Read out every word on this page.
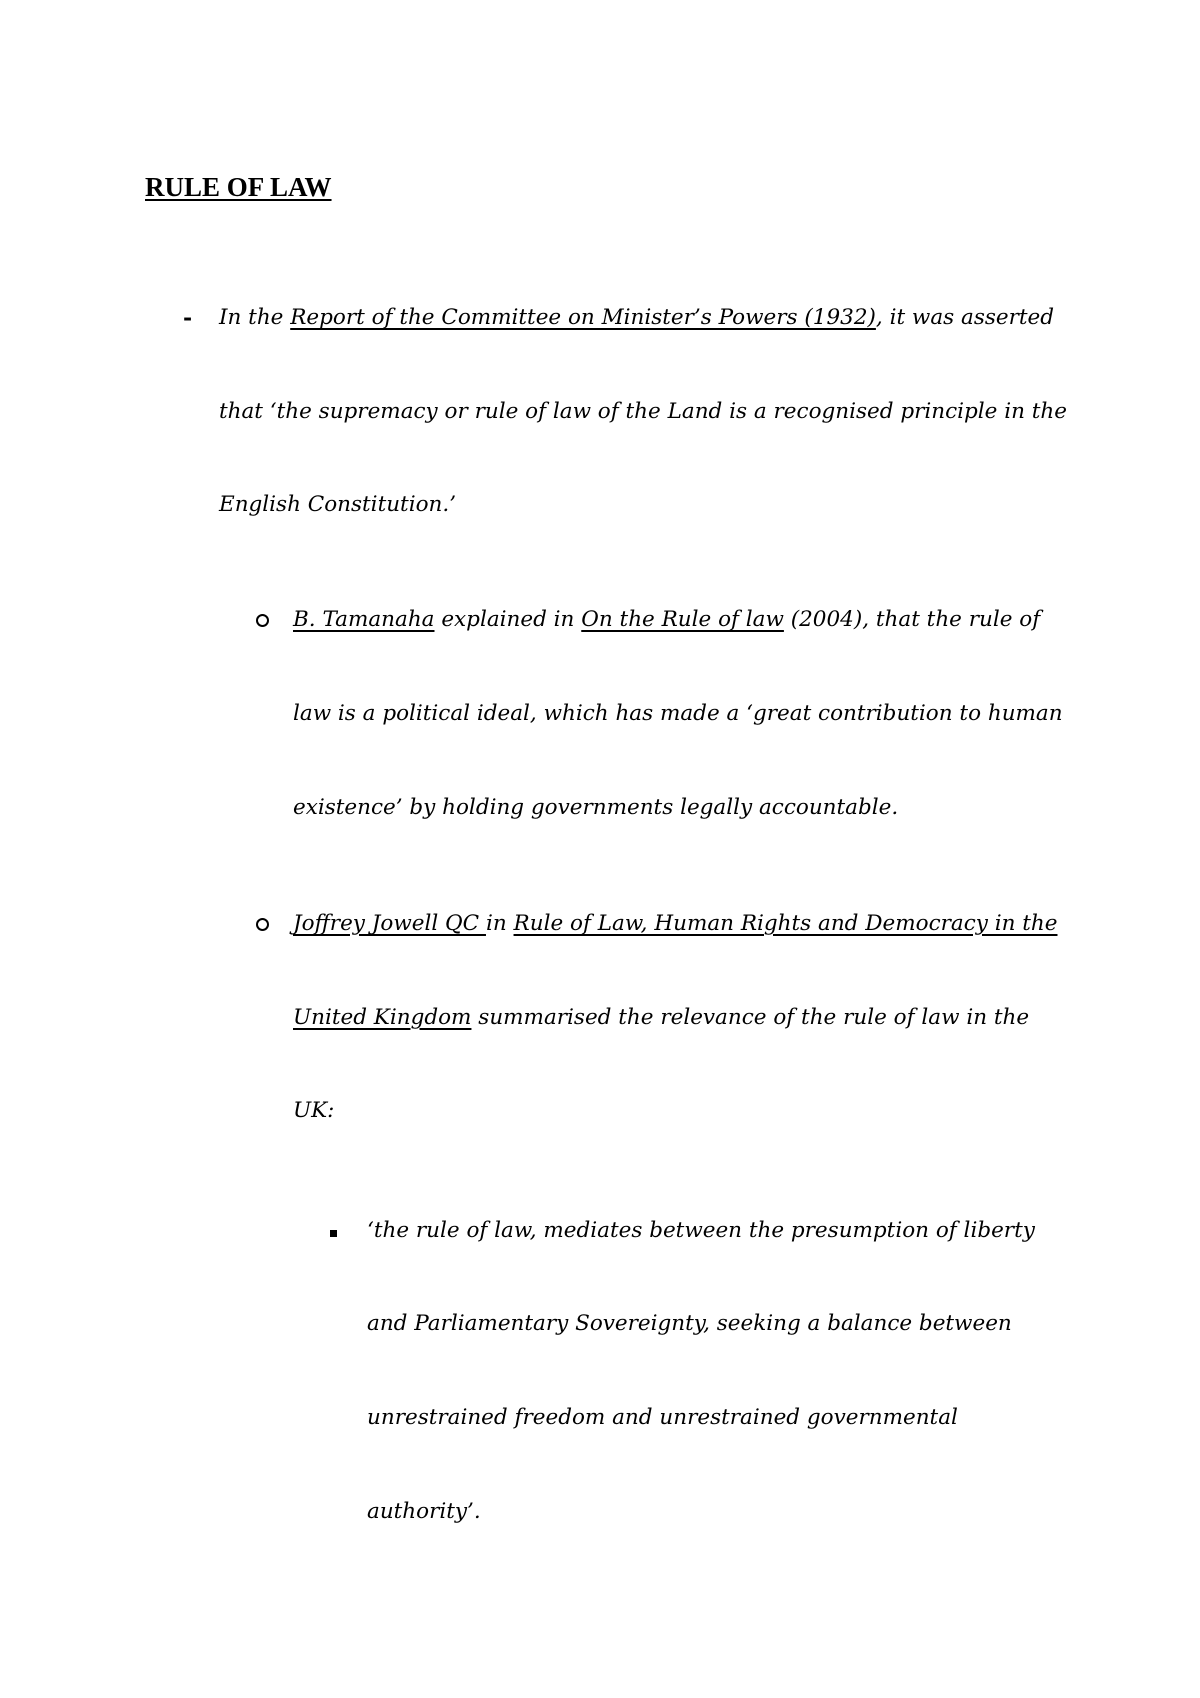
RULE OF LAW
- In the Report of the Committee on Minister’s Powers (1932), it was asserted
that ‘the supremacy or rule of law of the Land is a recognised principle in the
English Constitution.’
B. Tamanaha explained in On the Rule of law (2004), that the rule of
law is a political ideal, which has made a ‘great contribution to human
existence’ by holding governments legally accountable.
Joffrey Jowell QC in Rule of Law, Human Rights and Democracy in the
United Kingdom summarised the relevance of the rule of law in the
UK:
‘the rule of law, mediates between the presumption of liberty
and Parliamentary Sovereignty, seeking a balance between
unrestrained freedom and unrestrained governmental
authority’.
